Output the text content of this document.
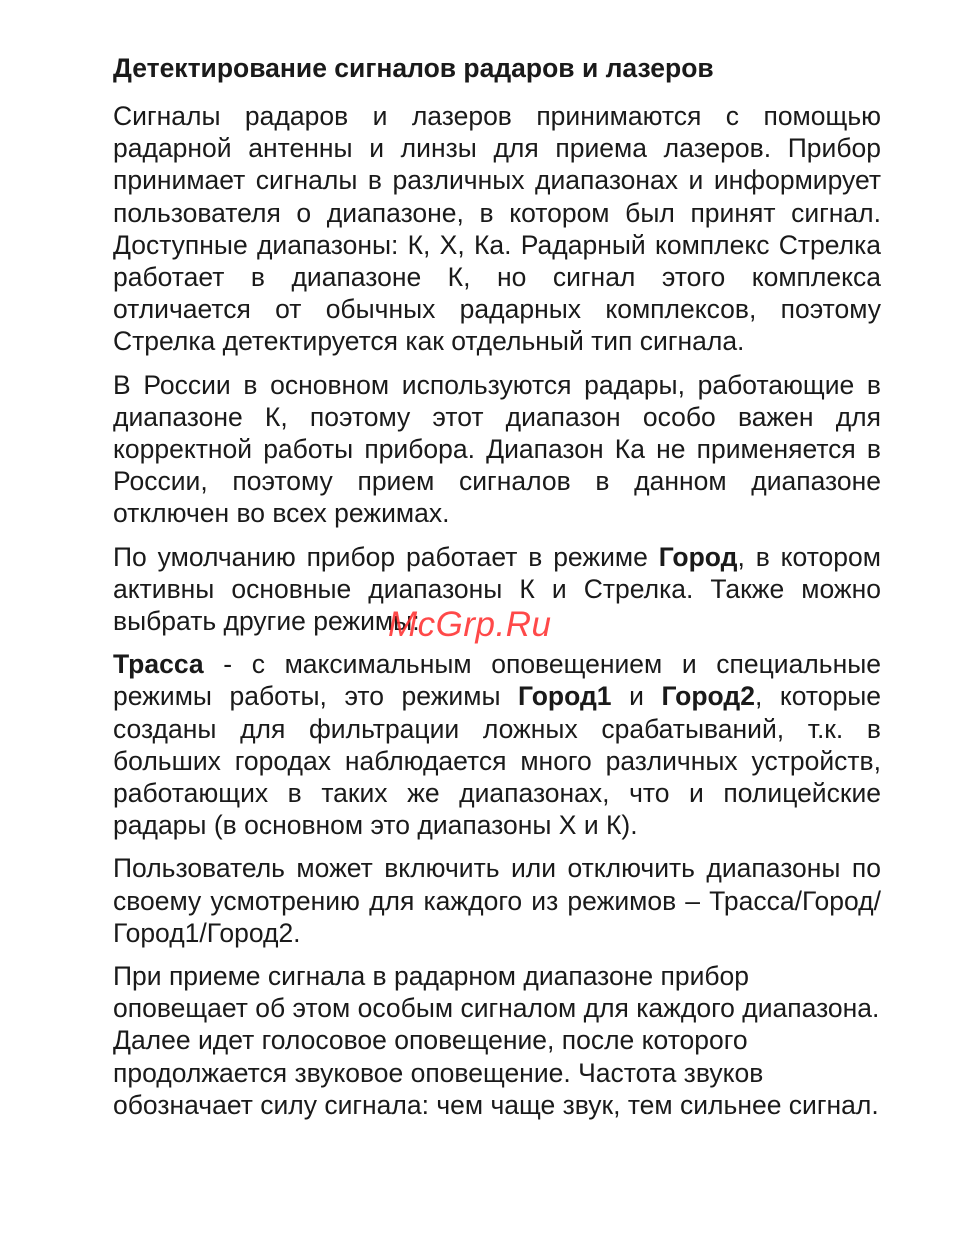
Детектирование сигналов радаров и лазеров

Сигналы радаров и лазеров принимаются с помощью радарной антенны и линзы для приема лазеров. Прибор принимает сигналы в различных диапазонах и информирует пользователя о диапазоне, в котором был принят сигнал. Доступные диапазоны: К, Х, Ка. Радарный комплекс Стрелка работает в диапазоне К, но сигнал этого комплекса отличается от обычных радарных комплексов, поэтому Стрелка детектируется как отдельный тип сигнала.

В России в основном используются радары, работающие в диапазоне К, поэтому этот диапазон особо важен для корректной работы прибора. Диапазон Ка не применяется в России, поэтому прием сигналов в данном диапазоне отключен во всех режимах.

По умолчанию прибор работает в режиме Город, в котором активны основные диапазоны К и Стрелка. Также можно выбрать другие режимы:

Трасса - с максимальным оповещением и специальные режимы работы, это режимы Город1 и Город2, которые созданы для фильтрации ложных срабатываний, т.к. в больших городах наблюдается много различных устройств, работающих в таких же диапазонах, что и полицейские радары (в основном это диапазоны Х и К).

Пользователь может включить или отключить диапазоны по своему усмотрению для каждого из режимов – Трасса/Город/Город1/Город2.

При приеме сигнала в радарном диапазоне прибор оповещает об этом особым сигналом для каждого диапазона. Далее идет голосовое оповещение, после которого продолжается звуковое оповещение. Частота звуков обозначает силу сигнала: чем чаще звук, тем сильнее сигнал.

McGrp.Ru
